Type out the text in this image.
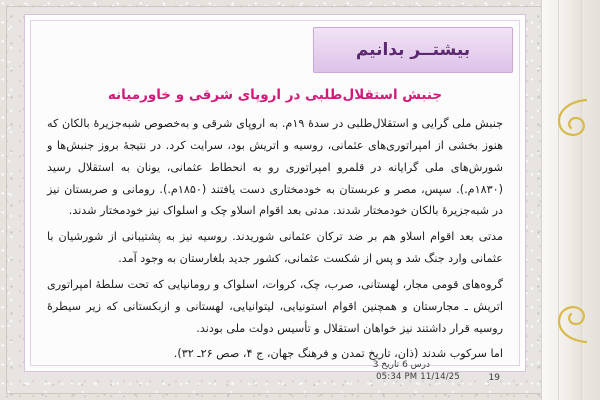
بیشتــر بدانیم
جنبش استقلال‌طلبی در اروپای شرقی و خاورمیانه

جنبش ملی گرایی و استقلال‌طلبی در سدهٔ ۱۹م. به اروپای شرقی و به‌خصوص شبه‌جزیرهٔ بالکان که هنوز بخشی از امپراتوری‌های عثمانی، روسیه و اتریش بود، سرایت کرد. در نتیجهٔ بروز جنبش‌ها و شورش‌های ملی گرایانه در قلمرو امپراتوری رو به انحطاط عثمانی، یونان به استقلال رسید (۱۸۳۰م.). سپس، مصر و عربستان به خودمختاری دست یافتند (۱۸۵۰م.). رومانی و صربستان نیز در شبه‌جزیرهٔ بالکان خودمختار شدند. مدتی بعد اقوام اسلاو چک و اسلواک نیز خودمختار شدند.

مدتی بعد اقوام اسلاو هم بر ضد ترکان عثمانی شوریدند. روسیه نیز به پشتیبانی از شورشیان با عثمانی وارد جنگ شد و پس از شکست عثمانی، کشور جدید بلغارستان به وجود آمد.

گروه‌های قومی مجار، لهستانی، صرب، چک، کروات، اسلواک و رومانیایی که تحت سلطهٔ امپراتوری اتریش ـ مجارستان و همچنین اقوام استونیایی، لیتوانیایی، لهستانی و ازبکستانی که زیر سیطرهٔ روسیه قرار داشتند نیز خواهان استقلال و تأسیس دولت ملی بودند.

اما سرکوب شدند (ذان، تاریخ تمدن و فرهنگ جهان، ج ۴، صص ۲۶ـ ۳۲).

درس 6 تاریخ 3
05:34 PM 11/14/25	19
